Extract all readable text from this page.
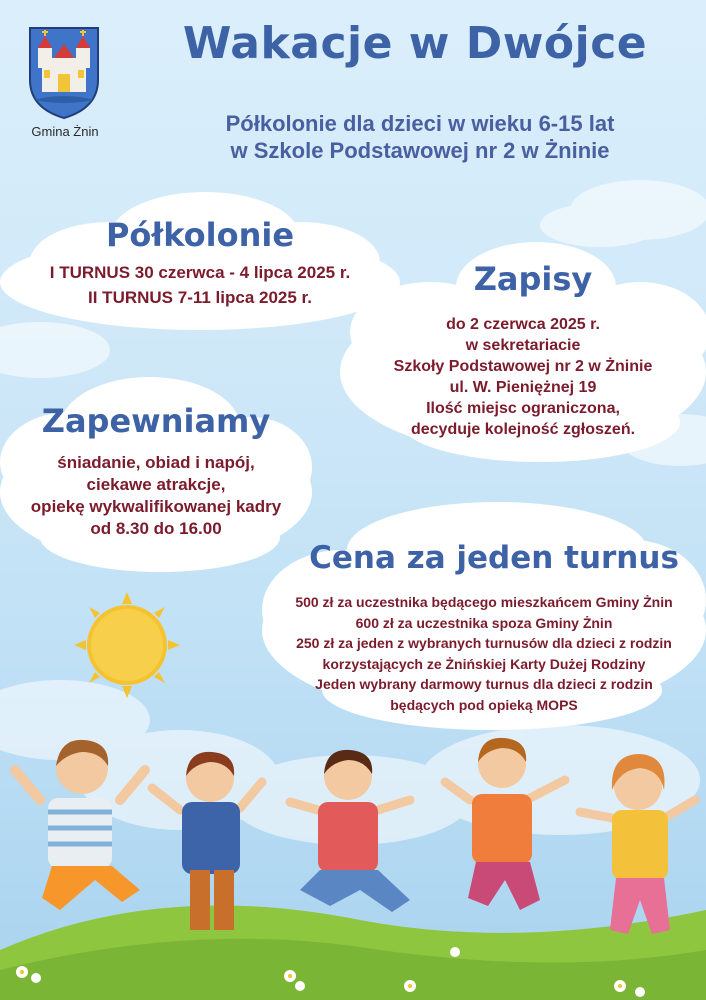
Gmina Żnin
Wakacje w Dwójce
Półkolonie dla dzieci w wieku 6-15 lat
w Szkole Podstawowej nr 2 w Żninie
Półkolonie
I TURNUS 30 czerwca - 4 lipca 2025 r.
II TURNUS 7-11 lipca 2025 r.	Zapisy
do 2 czerwca 2025 r.
w sekretariacie
Szkoły Podstawowej nr 2 w Żninie
ul. W. Pieniężnej 19
Ilość miejsc ograniczona,
decyduje kolejność zgłoszeń.
Zapewniamy
śniadanie, obiad i napój,
ciekawe atrakcje,
opiekę wykwalifikowanej kadry
od 8.30 do 16.00
Cena za jeden turnus
500 zł za uczestnika będącego mieszkańcem Gminy Żnin
600 zł za uczestnika spoza Gminy Żnin
250 zł za jeden z wybranych turnusów dla dzieci z rodzin
korzystających ze Żnińskiej Karty Dużej Rodziny
Jeden wybrany darmowy turnus dla dzieci z rodzin
będących pod opieką MOPS
